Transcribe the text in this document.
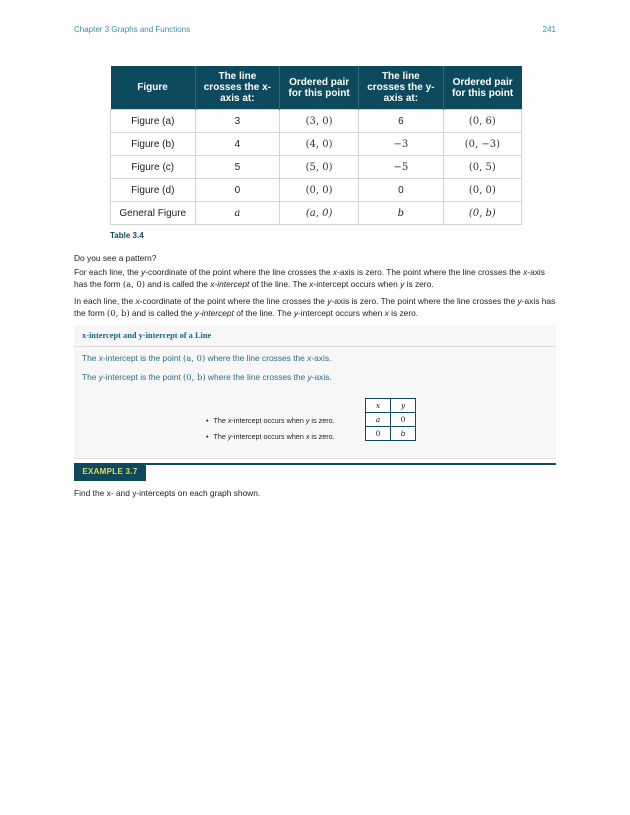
Chapter 3 Graphs and Functions	241
Figure	The line crosses the x-axis at:	Ordered pair for this point	The line crosses the y-axis at:	Ordered pair for this point
Figure (a)	3	(3, 0)	6	(0, 6)
Figure (b)	4	(4, 0)	−3	(0, −3)
Figure (c)	5	(5, 0)	−5	(0, 5)
Figure (d)	0	(0, 0)	0	(0, 0)
General Figure	a	(a, 0)	b	(0, b)
Table 3.4

Do you see a pattern?

For each line, the y-coordinate of the point where the line crosses the x-axis is zero. The point where the line crosses the x-axis has the form (a, 0) and is called the x-intercept of the line. The x-intercept occurs when y is zero.

In each line, the x-coordinate of the point where the line crosses the y-axis is zero. The point where the line crosses the y-axis has the form (0, b) and is called the y-intercept of the line. The y-intercept occurs when x is zero.

x-intercept and y-intercept of a Line
The x-intercept is the point (a, 0) where the line crosses the x-axis.
The y-intercept is the point (0, b) where the line crosses the y-axis.
• The x-intercept occurs when y is zero.
• The y-intercept occurs when x is zero.
x	y
a	0
0	b
EXAMPLE 3.7

Find the x- and y-intercepts on each graph shown.
